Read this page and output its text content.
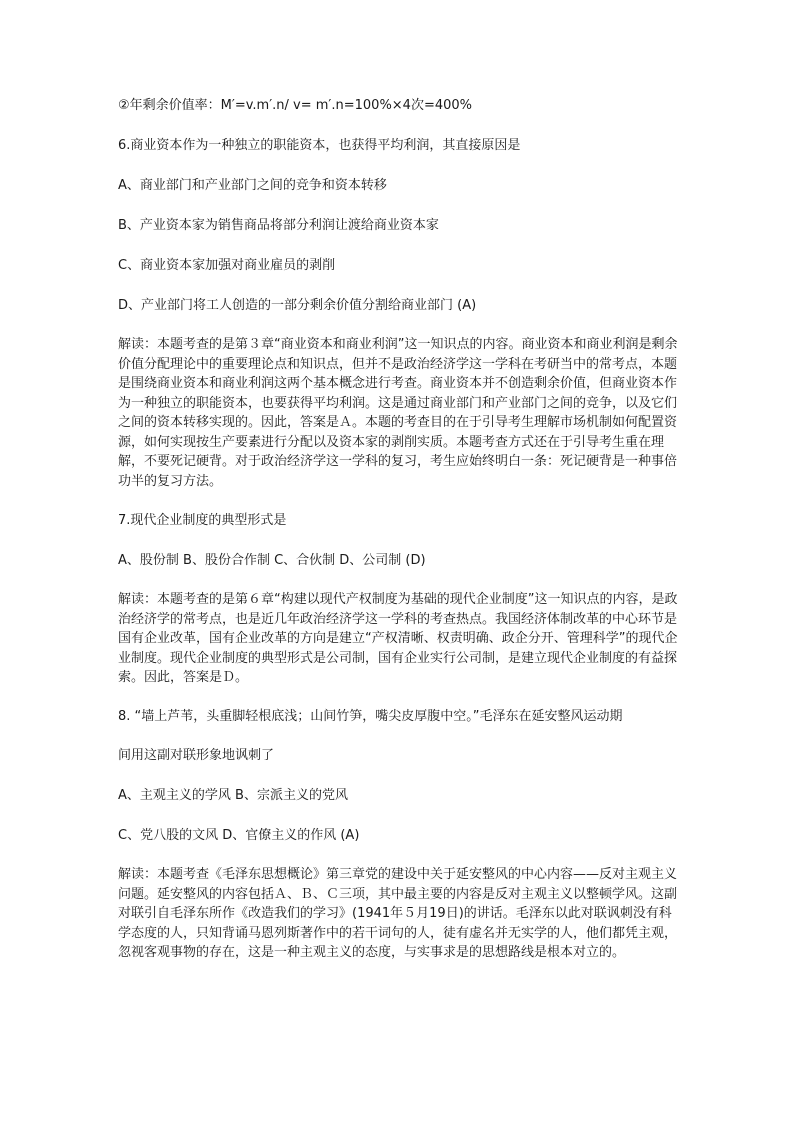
②年剩余价值率：M′=v.m′.n/ v= m′.n=100%×4次=400%

6.商业资本作为一种独立的职能资本，也获得平均利润，其直接原因是

A、商业部门和产业部门之间的竞争和资本转移

B、产业资本家为销售商品将部分利润让渡给商业资本家

C、商业资本家加强对商业雇员的剥削

D、产业部门将工人创造的一部分剩余价值分割给商业部门 (A)

解读：本题考查的是第３章“商业资本和商业利润”这一知识点的内容。商业资本和商业利润是剩余价值分配理论中的重要理论点和知识点，但并不是政治经济学这一学科在考研当中的常考点，本题是围绕商业资本和商业利润这两个基本概念进行考查。商业资本并不创造剩余价值，但商业资本作为一种独立的职能资本，也要获得平均利润。这是通过商业部门和产业部门之间的竞争，以及它们之间的资本转移实现的。因此，答案是Ａ。本题的考查目的在于引导考生理解市场机制如何配置资源，如何实现按生产要素进行分配以及资本家的剥削实质。本题考查方式还在于引导考生重在理解，不要死记硬背。对于政治经济学这一学科的复习，考生应始终明白一条：死记硬背是一种事倍功半的复习方法。

7.现代企业制度的典型形式是

A、股份制 B、股份合作制 C、合伙制 D、公司制 (D)

解读：本题考查的是第６章“构建以现代产权制度为基础的现代企业制度”这一知识点的内容，是政治经济学的常考点，也是近几年政治经济学这一学科的考查热点。我国经济体制改革的中心环节是国有企业改革，国有企业改革的方向是建立“产权清晰、权责明确、政企分开、管理科学”的现代企业制度。现代企业制度的典型形式是公司制，国有企业实行公司制，是建立现代企业制度的有益探索。因此，答案是Ｄ。

8. “墙上芦苇，头重脚轻根底浅；山间竹笋，嘴尖皮厚腹中空。”毛泽东在延安整风运动期

间用这副对联形象地讽刺了

A、主观主义的学风 B、宗派主义的党风

C、党八股的文风 D、官僚主义的作风 (A)

解读：本题考查《毛泽东思想概论》第三章党的建设中关于延安整风的中心内容——反对主观主义问题。延安整风的内容包括Ａ、Ｂ、Ｃ三项，其中最主要的内容是反对主观主义以整顿学风。这副对联引自毛泽东所作《改造我们的学习》(1941年５月19日)的讲话。毛泽东以此对联讽刺没有科学态度的人，只知背诵马恩列斯著作中的若干词句的人，徒有虚名并无实学的人，他们都凭主观，忽视客观事物的存在，这是一种主观主义的态度，与实事求是的思想路线是根本对立的。
